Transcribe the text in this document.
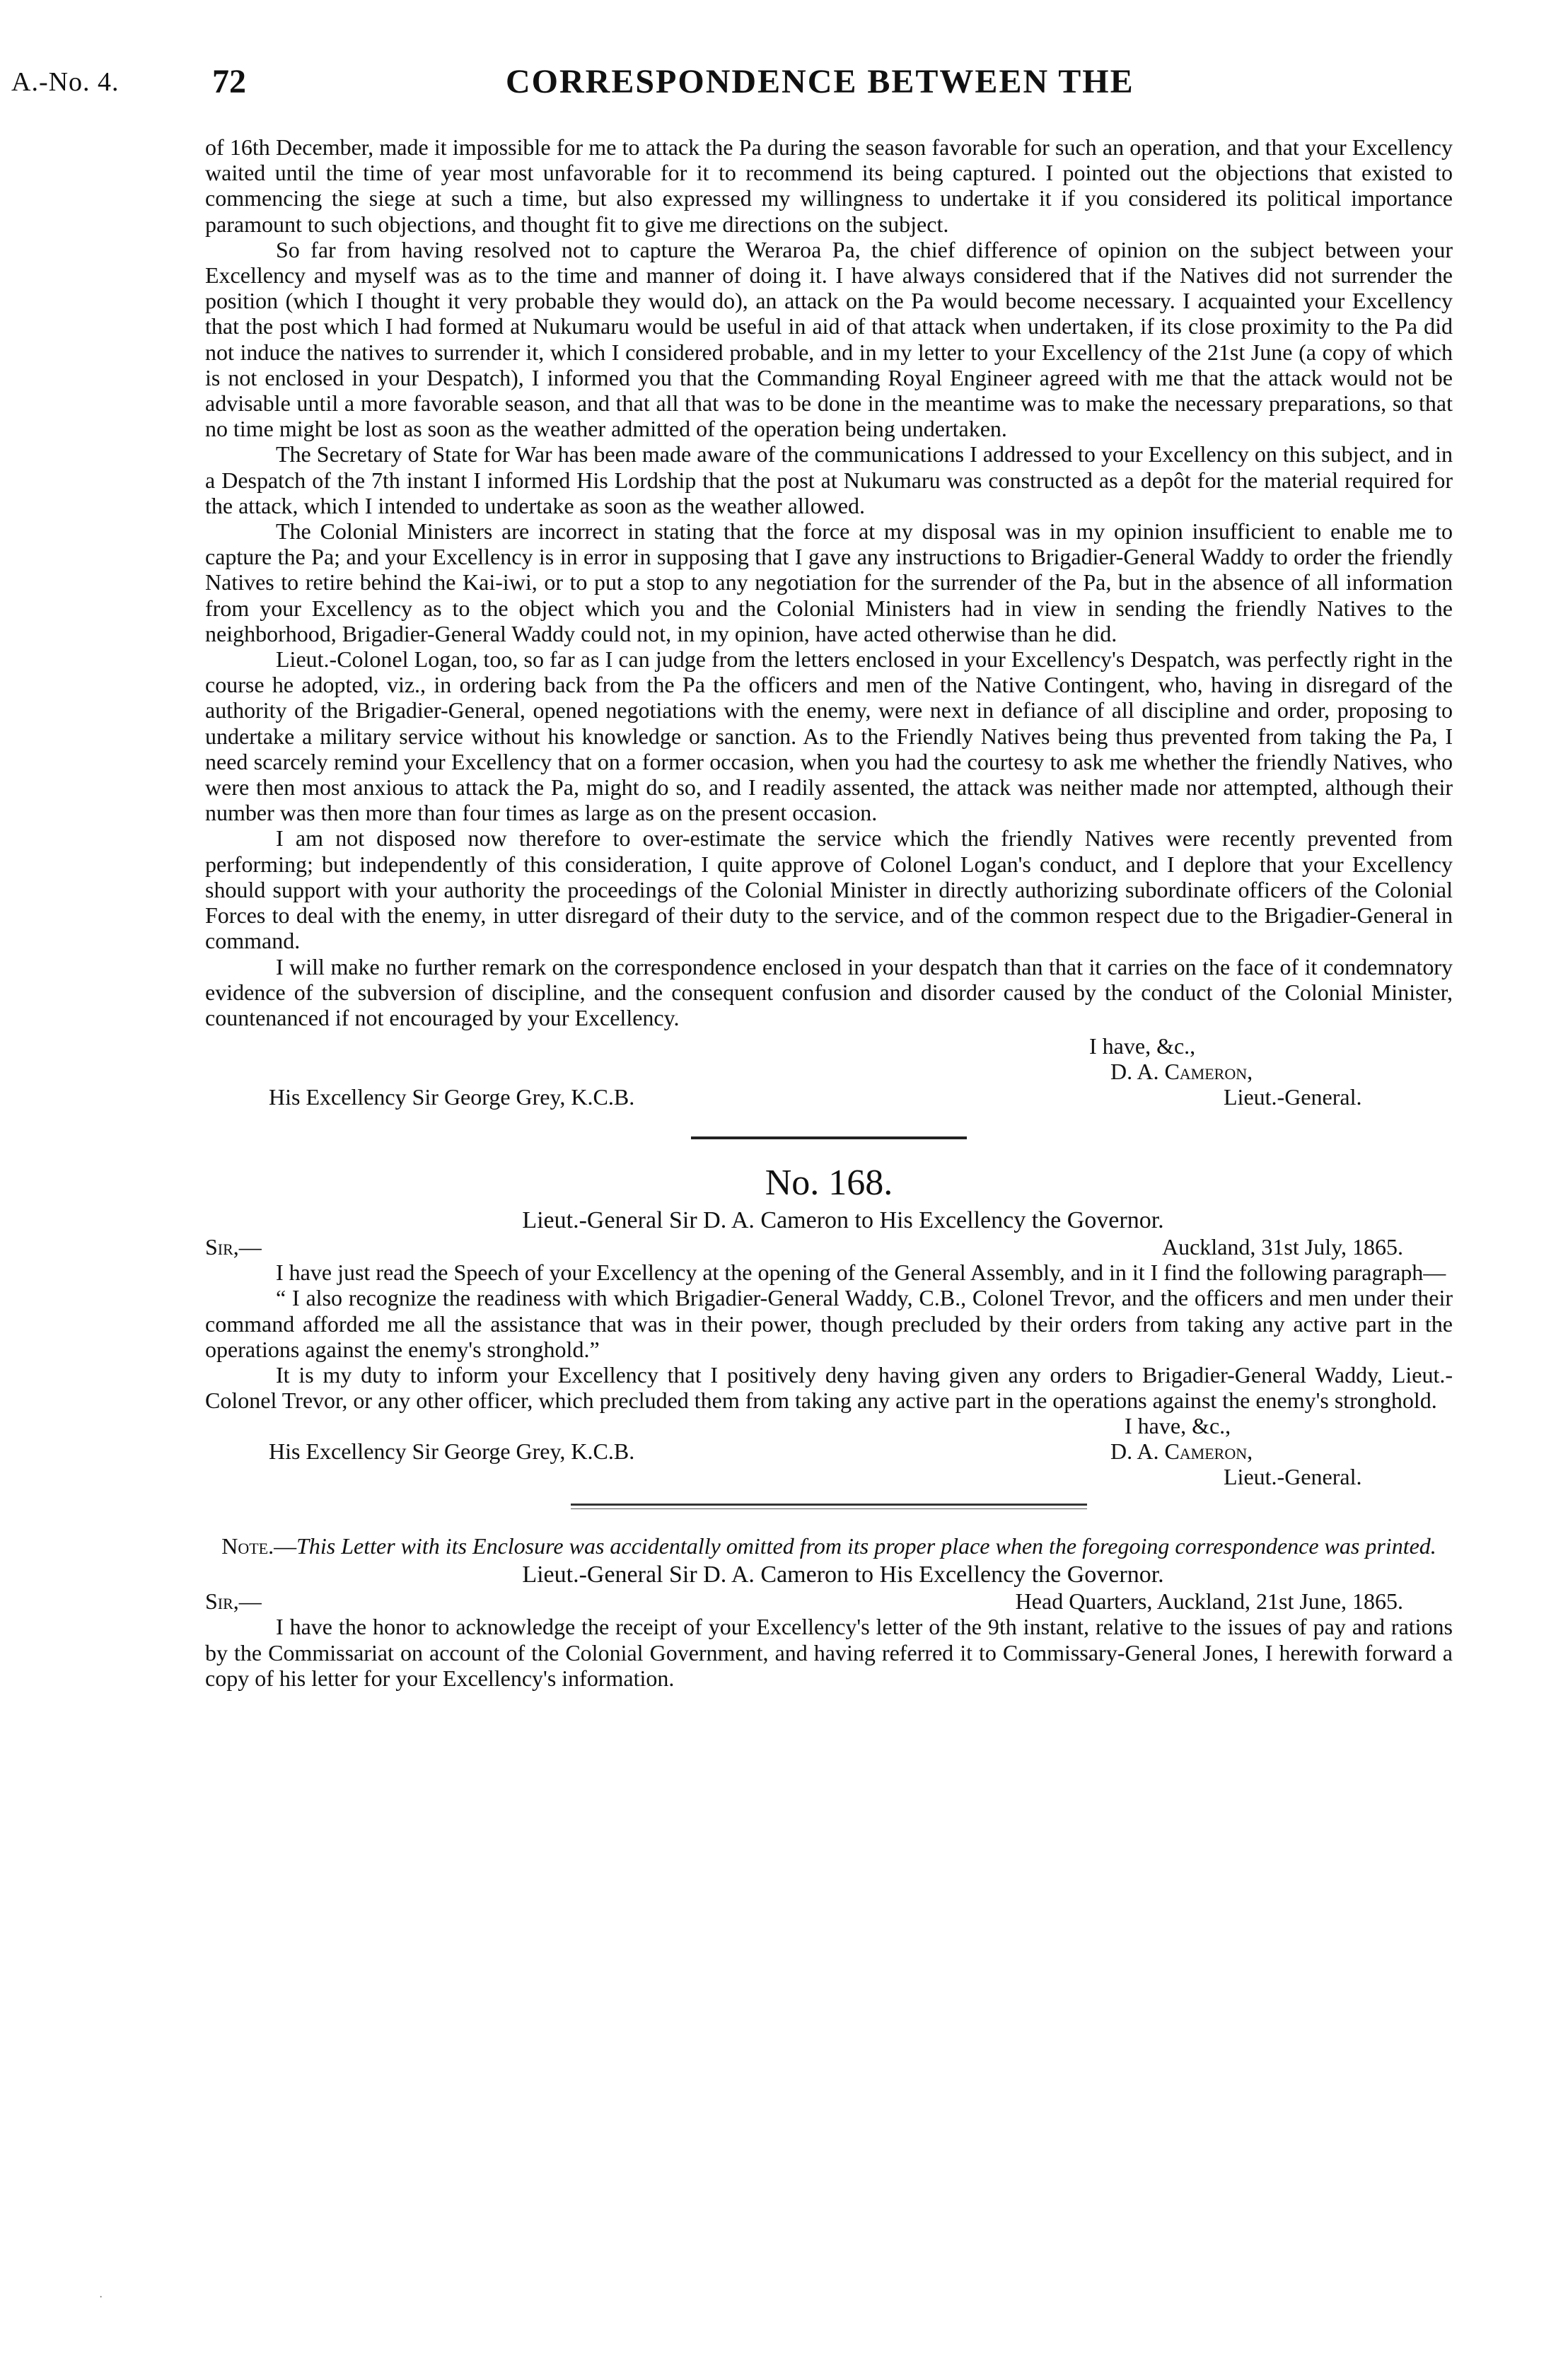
A.-No. 4.	72	CORRESPONDENCE BETWEEN THE

of 16th December, made it impossible for me to attack the Pa during the season favorable for such an operation, and that your Excellency waited until the time of year most unfavorable for it to recommend its being captured. I pointed out the objections that existed to commencing the siege at such a time, but also expressed my willingness to undertake it if you considered its political importance paramount to such objections, and thought fit to give me directions on the subject.

So far from having resolved not to capture the Weraroa Pa, the chief difference of opinion on the subject between your Excellency and myself was as to the time and manner of doing it. I have always considered that if the Natives did not surrender the position (which I thought it very probable they would do), an attack on the Pa would become necessary. I acquainted your Excellency that the post which I had formed at Nukumaru would be useful in aid of that attack when undertaken, if its close proximity to the Pa did not induce the natives to surrender it, which I considered probable, and in my letter to your Excellency of the 21st June (a copy of which is not enclosed in your Despatch), I informed you that the Commanding Royal Engineer agreed with me that the attack would not be advisable until a more favorable season, and that all that was to be done in the meantime was to make the necessary preparations, so that no time might be lost as soon as the weather admitted of the operation being undertaken.

The Secretary of State for War has been made aware of the communications I addressed to your Excellency on this subject, and in a Despatch of the 7th instant I informed His Lordship that the post at Nukumaru was constructed as a depôt for the material required for the attack, which I intended to undertake as soon as the weather allowed.

The Colonial Ministers are incorrect in stating that the force at my disposal was in my opinion insufficient to enable me to capture the Pa; and your Excellency is in error in supposing that I gave any instructions to Brigadier-General Waddy to order the friendly Natives to retire behind the Kai-iwi, or to put a stop to any negotiation for the surrender of the Pa, but in the absence of all information from your Excellency as to the object which you and the Colonial Ministers had in view in sending the friendly Natives to the neighborhood, Brigadier-General Waddy could not, in my opinion, have acted otherwise than he did.

Lieut.-Colonel Logan, too, so far as I can judge from the letters enclosed in your Excellency's Despatch, was perfectly right in the course he adopted, viz., in ordering back from the Pa the officers and men of the Native Contingent, who, having in disregard of the authority of the Brigadier-General, opened negotiations with the enemy, were next in defiance of all discipline and order, proposing to undertake a military service without his knowledge or sanction. As to the Friendly Natives being thus prevented from taking the Pa, I need scarcely remind your Excellency that on a former occasion, when you had the courtesy to ask me whether the friendly Natives, who were then most anxious to attack the Pa, might do so, and I readily assented, the attack was neither made nor attempted, although their number was then more than four times as large as on the present occasion.

I am not disposed now therefore to over-estimate the service which the friendly Natives were recently prevented from performing; but independently of this consideration, I quite approve of Colonel Logan's conduct, and I deplore that your Excellency should support with your authority the proceedings of the Colonial Minister in directly authorizing subordinate officers of the Colonial Forces to deal with the enemy, in utter disregard of their duty to the service, and of the common respect due to the Brigadier-General in command.

I will make no further remark on the correspondence enclosed in your despatch than that it carries on the face of it condemnatory evidence of the subversion of discipline, and the consequent confusion and disorder caused by the conduct of the Colonial Minister, countenanced if not encouraged by your Excellency.

I have, &c.,
D. A. Cameron,
His Excellency Sir George Grey, K.C.B.	Lieut.-General.
No. 168.
Lieut.-General Sir D. A. Cameron to His Excellency the Governor.
Sir,—	Auckland, 31st July, 1865.

I have just read the Speech of your Excellency at the opening of the General Assembly, and in it I find the following paragraph—

“ I also recognize the readiness with which Brigadier-General Waddy, C.B., Colonel Trevor, and the officers and men under their command afforded me all the assistance that was in their power, though precluded by their orders from taking any active part in the operations against the enemy's stronghold.”

It is my duty to inform your Excellency that I positively deny having given any orders to Brigadier-General Waddy, Lieut.-Colonel Trevor, or any other officer, which precluded them from taking any active part in the operations against the enemy's stronghold.

I have, &c.,
His Excellency Sir George Grey, K.C.B.	D. A. Cameron,
Lieut.-General.
Note.—This Letter with its Enclosure was accidentally omitted from its proper place when the foregoing correspondence was printed.
Lieut.-General Sir D. A. Cameron to His Excellency the Governor.
Sir,—	Head Quarters, Auckland, 21st June, 1865.

I have the honor to acknowledge the receipt of your Excellency's letter of the 9th instant, relative to the issues of pay and rations by the Commissariat on account of the Colonial Government, and having referred it to Commissary-General Jones, I herewith forward a copy of his letter for your Excellency's information.

·
